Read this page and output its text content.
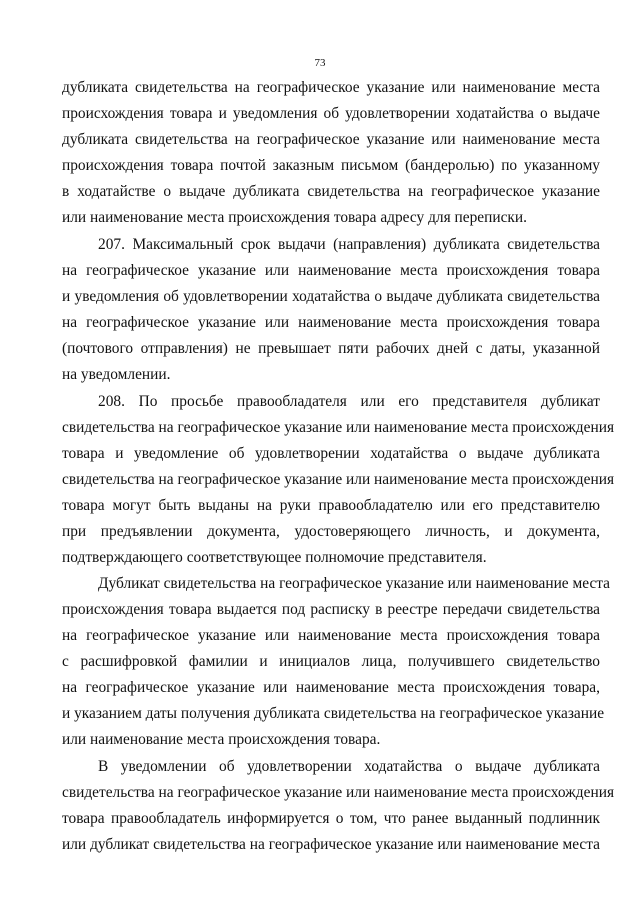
73
дубликата свидетельства на географическое указание или наименование места
происхождения товара и уведомления об удовлетворении ходатайства о выдаче
дубликата свидетельства на географическое указание или наименование места
происхождения товара почтой заказным письмом (бандеролью) по указанному
в ходатайстве о выдаче дубликата свидетельства на географическое указание
или наименование места происхождения товара адресу для переписки.
207. Максимальный срок выдачи (направления) дубликата свидетельства
на географическое указание или наименование места происхождения товара
и уведомления об удовлетворении ходатайства о выдаче дубликата свидетельства
на географическое указание или наименование места происхождения товара
(почтового отправления) не превышает пяти рабочих дней с даты, указанной
на уведомлении.
208. По просьбе правообладателя или его представителя дубликат
свидетельства на географическое указание или наименование места происхождения
товара и уведомление об удовлетворении ходатайства о выдаче дубликата
свидетельства на географическое указание или наименование места происхождения
товара могут быть выданы на руки правообладателю или его представителю
при предъявлении документа, удостоверяющего личность, и документа,
подтверждающего соответствующее полномочие представителя.
Дубликат свидетельства на географическое указание или наименование места
происхождения товара выдается под расписку в реестре передачи свидетельства
на географическое указание или наименование места происхождения товара
с расшифровкой фамилии и инициалов лица, получившего свидетельство
на географическое указание или наименование места происхождения товара,
и указанием даты получения дубликата свидетельства на географическое указание
или наименование места происхождения товара.
В уведомлении об удовлетворении ходатайства о выдаче дубликата
свидетельства на географическое указание или наименование места происхождения
товара правообладатель информируется о том, что ранее выданный подлинник
или дубликат свидетельства на географическое указание или наименование места
